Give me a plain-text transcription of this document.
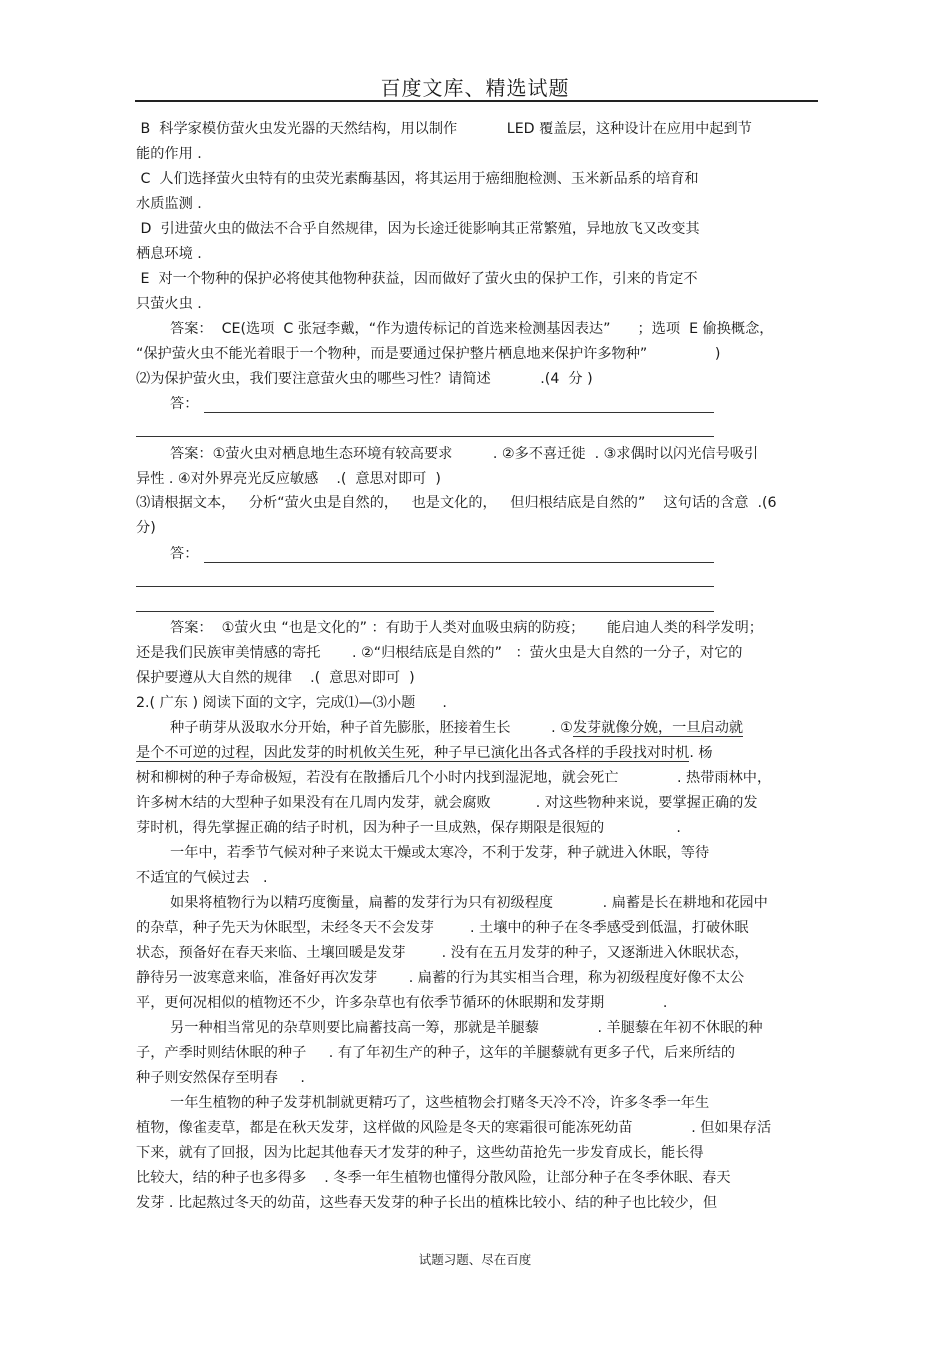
百度文库、精选试题
B  科学家模仿萤火虫发光器的天然结构，用以制作           LED 覆盖层，这种设计在应用中起到节
能的作用 .
C  人们选择萤火虫特有的虫荧光素酶基因，将其运用于癌细胞检测、玉米新品系的培育和
水质监测 .
D  引进萤火虫的做法不合乎自然规律，因为长途迁徙影响其正常繁殖，异地放飞又改变其
栖息环境 .
E  对一个物种的保护必将使其他物种获益，因而做好了萤火虫的保护工作，引来的肯定不
只萤火虫 .
答案：  CE(选项  C 张冠李戴，“作为遗传标记的首选来检测基因表达”      ；选项  E 偷换概念，
“保护萤火虫不能光着眼于一个物种，而是要通过保护整片栖息地来保护许多物种”               )
⑵为保护萤火虫，我们要注意萤火虫的哪些习性？请简述           .(4  分 )
答：
答案：①萤火虫对栖息地生态环境有较高要求         . ②多不喜迁徙  . ③求偶时以闪光信号吸引
异性 . ④对外界亮光反应敏感    .(  意思对即可  )
⑶请根据文本，   分析“萤火虫是自然的，   也是文化的，   但归根结底是自然的”    这句话的含意  .(6
分)
答：
答案：  ①萤火虫 “也是文化的” ：有助于人类对血吸虫病的防疫；     能启迪人类的科学发明；
还是我们民族审美情感的寄托       . ②“归根结底是自然的”   ：萤火虫是大自然的一分子，对它的
保护要遵从大自然的规律    .(  意思对即可  )
2.( 广东 ) 阅读下面的文字，完成⑴—⑶小题      .
种子萌芽从汲取水分开始，种子首先膨胀，胚接着生长         . ①发芽就像分娩，一旦启动就
是个不可逆的过程，因此发芽的时机攸关生死，种子早已演化出各式各样的手段找对时机. 杨
树和柳树的种子寿命极短，若没有在散播后几个小时内找到湿泥地，就会死亡             . 热带雨林中，
许多树木结的大型种子如果没有在几周内发芽，就会腐败          . 对这些物种来说，要掌握正确的发
芽时机，得先掌握正确的结子时机，因为种子一旦成熟，保存期限是很短的                .
一年中，若季节气候对种子来说太干燥或太寒冷，不利于发芽，种子就进入休眠，等待
不适宜的气候过去   .
如果将植物行为以精巧度衡量，扁蓄的发芽行为只有初级程度           . 扁蓄是长在耕地和花园中
的杂草，种子先天为休眠型，未经冬天不会发芽        . 土壤中的种子在冬季感受到低温，打破休眠
状态，预备好在春天来临、土壤回暖是发芽        . 没有在五月发芽的种子，又逐渐进入休眠状态，
静待另一波寒意来临，准备好再次发芽       . 扁蓄的行为其实相当合理，称为初级程度好像不太公
平，更何况相似的植物还不少，许多杂草也有依季节循环的休眠期和发芽期             .
另一种相当常见的杂草则要比扁蓄技高一筹，那就是羊腿藜             . 羊腿藜在年初不休眠的种
子，产季时则结休眠的种子     . 有了年初生产的种子，这年的羊腿藜就有更多子代，后来所结的
种子则安然保存至明春     .
一年生植物的种子发芽机制就更精巧了，这些植物会打赌冬天冷不冷，许多冬季一年生
植物，像雀麦草，都是在秋天发芽，这样做的风险是冬天的寒霜很可能冻死幼苗             . 但如果存活
下来，就有了回报，因为比起其他春天才发芽的种子，这些幼苗抢先一步发育成长，能长得
比较大，结的种子也多得多    . 冬季一年生植物也懂得分散风险，让部分种子在冬季休眠、春天
发芽 . 比起熬过冬天的幼苗，这些春天发芽的种子长出的植株比较小、结的种子也比较少，但
试题习题、尽在百度
